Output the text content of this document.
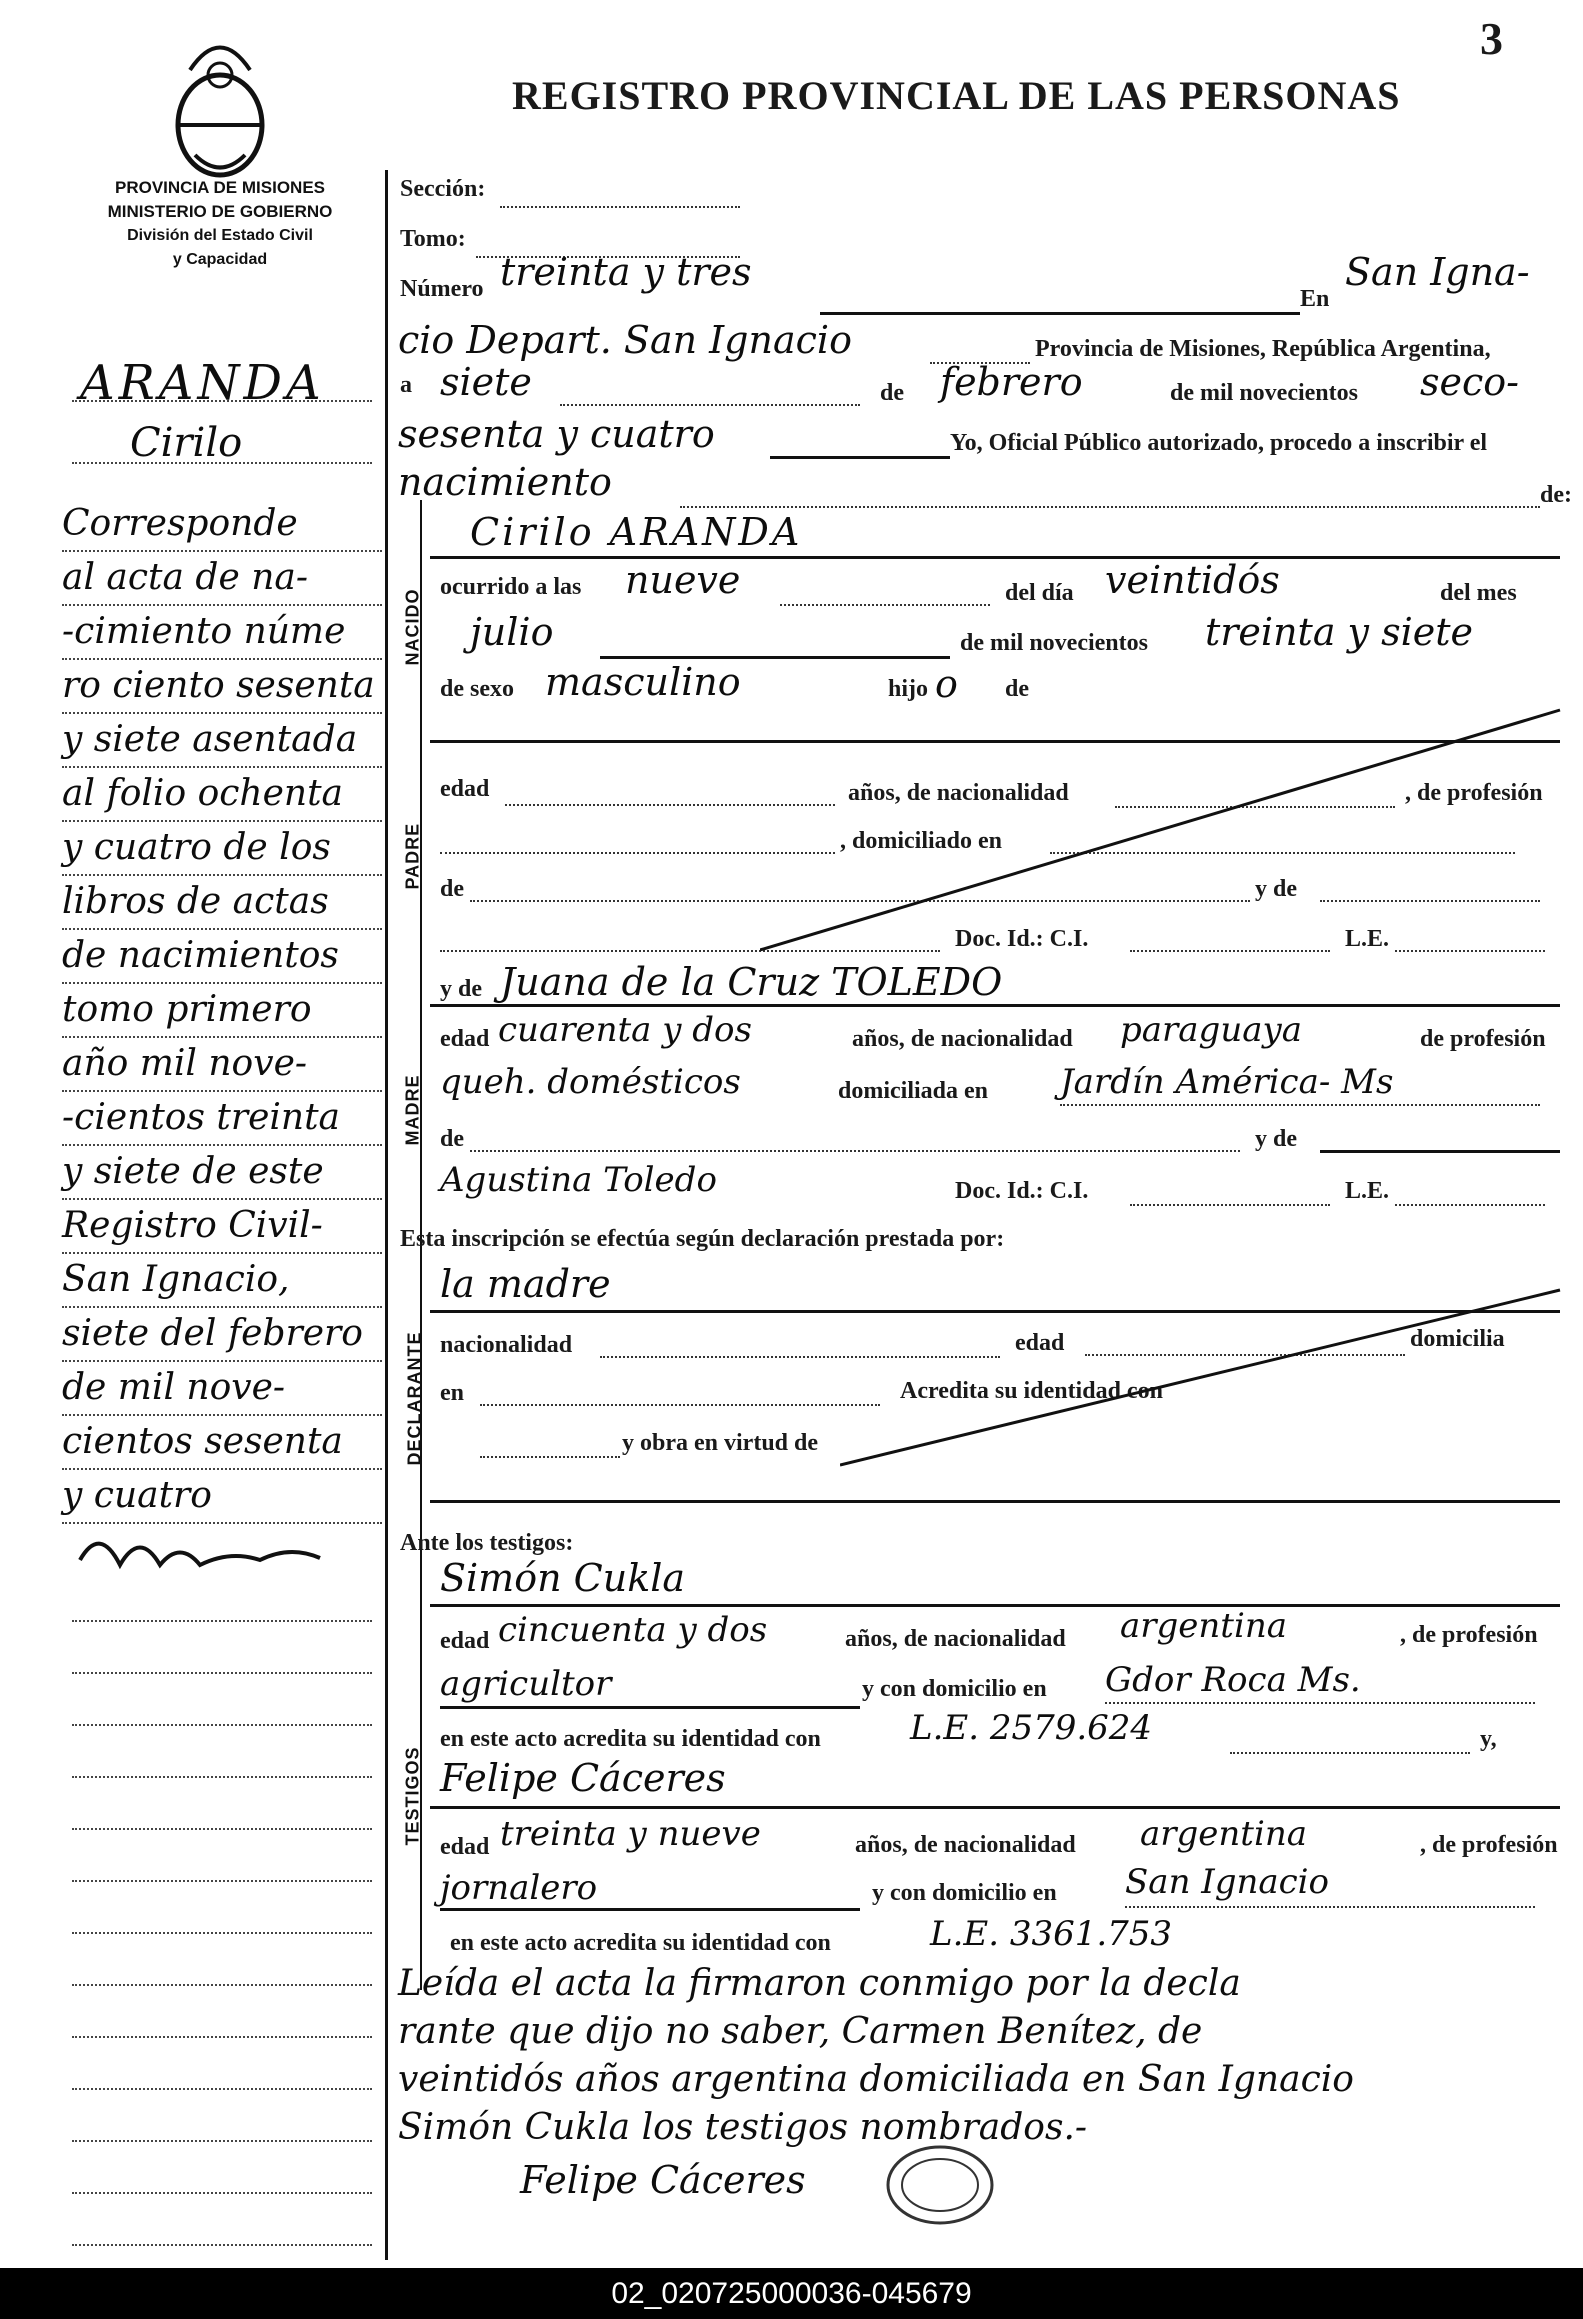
3
REGISTRO PROVINCIAL DE LAS PERSONAS
PROVINCIA DE MISIONES
MINISTERIO DE GOBIERNO
División del Estado Civil
y Capacidad
ARANDA
Cirilo
Corresponde
al acta de na-
-cimiento núme
ro ciento sesenta
y siete asentada
al folio ochenta
y cuatro de los
libros de actas
de nacimientos
tomo primero
año mil nove-
-cientos treinta
y siete de este
Registro Civil-
San Ignacio,
siete del febrero
de mil nove-
cientos sesenta
y cuatro
Sección:
Tomo:
Número treinta y tres
En
San Igna-
cio Depart. San Ignacio	Provincia de Misiones, República Argentina,
a siete	de febrero	de mil novecientos seco-
sesenta y cuatro	Yo, Oficial Público autorizado, procedo a inscribir el
nacimiento	de:
NACIDO
Cirilo ARANDA
ocurrido a las nueve	del día veintidós	del mes
julio	de mil novecientos treinta y siete
de sexo masculino	hijo o de
PADRE
edad	años, de nacionalidad	, de profesión
, domiciliado en
de	y de
Doc. Id.: C.I.	L.E.
MADRE
y de Juana de la Cruz TOLEDO
edad cuarenta y dos	años, de nacionalidad paraguaya	de profesión
queh. domésticos	domiciliada en Jardín América- Ms
de	y de
Agustina Toledo	Doc. Id.: C.I.	L.E.
Esta inscripción se efectúa según declaración prestada por:
DECLARANTE
la madre
nacionalidad	edad	domicilia
en	Acredita su identidad con
y obra en virtud de
TESTIGOS
Ante los testigos:
Simón Cukla
edad cincuenta y dos	años, de nacionalidad argentina	, de profesión
agricultor	y con domicilio en Gdor Roca Ms.
en este acto acredita su identidad con	L.E. 2579.624	y,
Felipe Cáceres
edad treinta y nueve	años, de nacionalidad argentina	, de profesión
jornalero	y con domicilio en San Ignacio
en este acto acredita su identidad con	L.E. 3361.753
Leída el acta la firmaron conmigo por la decla
rante que dijo no saber, Carmen Benítez, de
veintidós años argentina domiciliada en San Ignacio
Simón Cukla los testigos nombrados.-
Felipe Cáceres
02_020725000036-045679
